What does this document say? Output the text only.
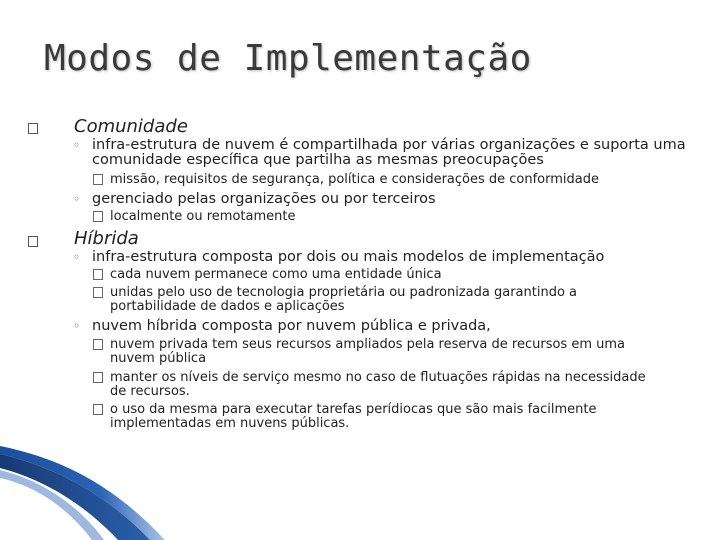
Modos de Implementação
Comunidade
◦ infra-estrutura de nuvem é compartilhada por várias organizações e suporta uma comunidade específica que partilha as mesmas preocupações
missão, requisitos de segurança, política e considerações de conformidade
◦ gerenciado pelas organizações ou por terceiros
localmente ou remotamente
Híbrida
◦ infra-estrutura composta por dois ou mais modelos de implementação
cada nuvem permanece como uma entidade única
unidas pelo uso de tecnologia proprietária ou padronizada garantindo a portabilidade de dados e aplicações
◦ nuvem híbrida composta por nuvem pública e privada,
nuvem privada tem seus recursos ampliados pela reserva de recursos em uma nuvem pública
manter os níveis de serviço mesmo no caso de flutuações rápidas na necessidade de recursos.
o uso da mesma para executar tarefas perídiocas que são mais facilmente implementadas em nuvens públicas.
